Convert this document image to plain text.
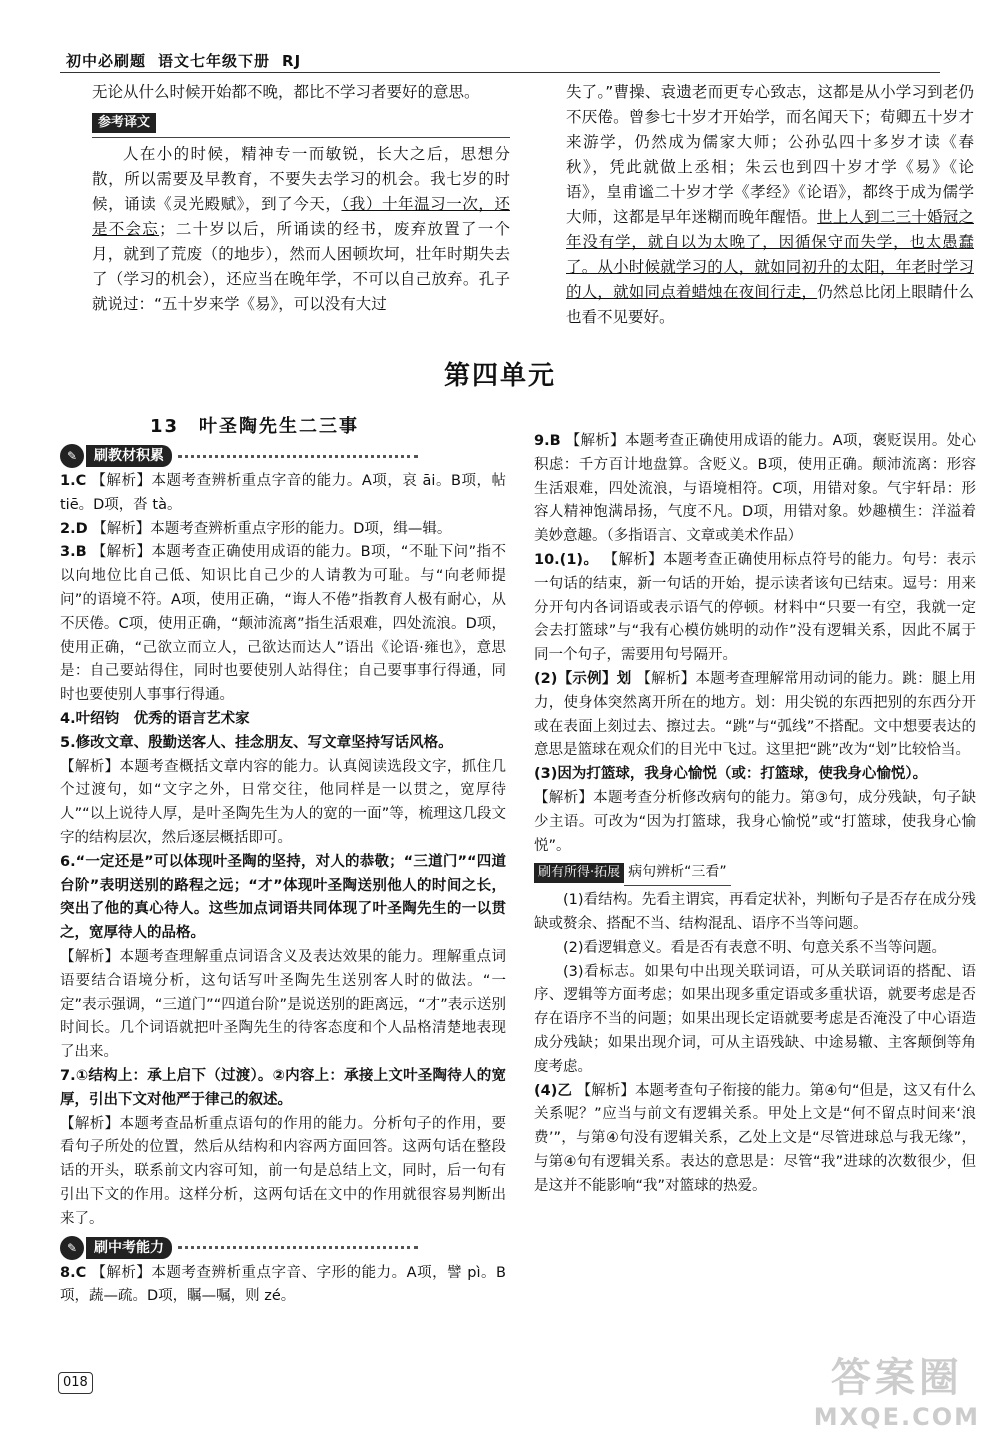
初中必刷题 语文七年级下册 RJ

无论从什么时候开始都不晚，都比不学习者要好的意思。

参考译文

人在小的时候，精神专一而敏锐，长大之后，思想分散，所以需要及早教育，不要失去学习的机会。我七岁的时候，诵读《灵光殿赋》，到了今天，（我）十年温习一次，还是不会忘；二十岁以后，所诵读的经书，废弃放置了一个月，就到了荒废（的地步），然而人困顿坎坷，壮年时期失去了（学习的机会），还应当在晚年学，不可以自己放弃。孔子就说过：“五十岁来学《易》，可以没有大过

失了。”曹操、袁遗老而更专心致志，这都是从小学习到老仍不厌倦。曾参七十岁才开始学，而名闻天下；荀卿五十岁才来游学，仍然成为儒家大师；公孙弘四十多岁才读《春秋》，凭此就做上丞相；朱云也到四十岁才学《易》《论语》，皇甫谧二十岁才学《孝经》《论语》，都终于成为儒学大师，这都是早年迷糊而晚年醒悟。世上人到二三十婚冠之年没有学，就自以为太晚了，因循保守而失学，也太愚蠢了。从小时候就学习的人，就如同初升的太阳，年老时学习的人，就如同点着蜡烛在夜间行走，仍然总比闭上眼睛什么也看不见要好。

第四单元
13　叶圣陶先生二三事
✎	刷教材积累

1.C 【解析】本题考查辨析重点字音的能力。A项，哀 āi。B项，帖 tiē。D项，沓 tà。

2.D 【解析】本题考查辨析重点字形的能力。D项，缉—辑。

3.B 【解析】本题考查正确使用成语的能力。B项，“不耻下问”指不以向地位比自己低、知识比自己少的人请教为可耻。与“向老师提问”的语境不符。A项，使用正确，“诲人不倦”指教育人极有耐心，从不厌倦。C项，使用正确，“颠沛流离”指生活艰难，四处流浪。D项，使用正确，“己欲立而立人，己欲达而达人”语出《论语·雍也》，意思是：自己要站得住，同时也要使别人站得住；自己要事事行得通，同时也要使别人事事行得通。

4.叶绍钧　优秀的语言艺术家

5.修改文章、殷勤送客人、挂念朋友、写文章坚持写话风格。

【解析】本题考查概括文章内容的能力。认真阅读选段文字，抓住几个过渡句，如“文字之外，日常交往，他同样是一以贯之，宽厚待人”“以上说待人厚，是叶圣陶先生为人的宽的一面”等，梳理这几段文字的结构层次，然后逐层概括即可。

6.“一定还是”可以体现叶圣陶的坚持，对人的恭敬；“三道门”“四道台阶”表明送别的路程之远；“才”体现叶圣陶送别他人的时间之长，突出了他的真心待人。这些加点词语共同体现了叶圣陶先生的一以贯之，宽厚待人的品格。

【解析】本题考查理解重点词语含义及表达效果的能力。理解重点词语要结合语境分析，这句话写叶圣陶先生送别客人时的做法。“一定”表示强调，“三道门”“四道台阶”是说送别的距离远，“才”表示送别时间长。几个词语就把叶圣陶先生的待客态度和个人品格清楚地表现了出来。

7.①结构上：承上启下（过渡）。②内容上：承接上文叶圣陶待人的宽厚，引出下文对他严于律己的叙述。

【解析】本题考查品析重点语句的作用的能力。分析句子的作用，要看句子所处的位置，然后从结构和内容两方面回答。这两句话在整段话的开头，联系前文内容可知，前一句是总结上文，同时，后一句有引出下文的作用。这样分析，这两句话在文中的作用就很容易判断出来了。

✎	刷中考能力

8.C 【解析】本题考查辨析重点字音、字形的能力。A项，譬 pì。B项，蔬—疏。D项，瞩—嘱，则 zé。

9.B 【解析】本题考查正确使用成语的能力。A项，褒贬误用。处心积虑：千方百计地盘算。含贬义。B项，使用正确。颠沛流离：形容生活艰难，四处流浪，与语境相符。C项，用错对象。气宇轩昂：形容人精神饱满昂扬，气度不凡。D项，用错对象。妙趣横生：洋溢着美妙意趣。（多指语言、文章或美术作品）

10.(1)。 【解析】本题考查正确使用标点符号的能力。句号：表示一句话的结束，新一句话的开始，提示读者该句已结束。逗号：用来分开句内各词语或表示语气的停顿。材料中“只要一有空，我就一定会去打篮球”与“我有心模仿姚明的动作”没有逻辑关系，因此不属于同一个句子，需要用句号隔开。

(2)【示例】划 【解析】本题考查理解常用动词的能力。跳：腿上用力，使身体突然离开所在的地方。划：用尖锐的东西把别的东西分开或在表面上刻过去、擦过去。“跳”与“弧线”不搭配。文中想要表达的意思是篮球在观众们的目光中飞过。这里把“跳”改为“划”比较恰当。

(3)因为打篮球，我身心愉悦（或：打篮球，使我身心愉悦）。

【解析】本题考查分析修改病句的能力。第③句，成分残缺，句子缺少主语。可改为“因为打篮球，我身心愉悦”或“打篮球，使我身心愉悦”。

刷有所得·拓展 病句辨析“三看”

(1)看结构。先看主谓宾，再看定状补，判断句子是否存在成分残缺或赘余、搭配不当、结构混乱、语序不当等问题。

(2)看逻辑意义。看是否有表意不明、句意关系不当等问题。

(3)看标志。如果句中出现关联词语，可从关联词语的搭配、语序、逻辑等方面考虑；如果出现多重定语或多重状语，就要考虑是否存在语序不当的问题；如果出现长定语就要考虑是否淹没了中心语造成分残缺；如果出现介词，可从主语残缺、中途易辙、主客颠倒等角度考虑。

(4)乙 【解析】本题考查句子衔接的能力。第④句“但是，这又有什么关系呢？”应当与前文有逻辑关系。甲处上文是“何不留点时间来‘浪费’”，与第④句没有逻辑关系，乙处上文是“尽管进球总与我无缘”，与第④句有逻辑关系。表达的意思是：尽管“我”进球的次数很少，但是这并不能影响“我”对篮球的热爱。

018	答案圈
MXQE.COM
